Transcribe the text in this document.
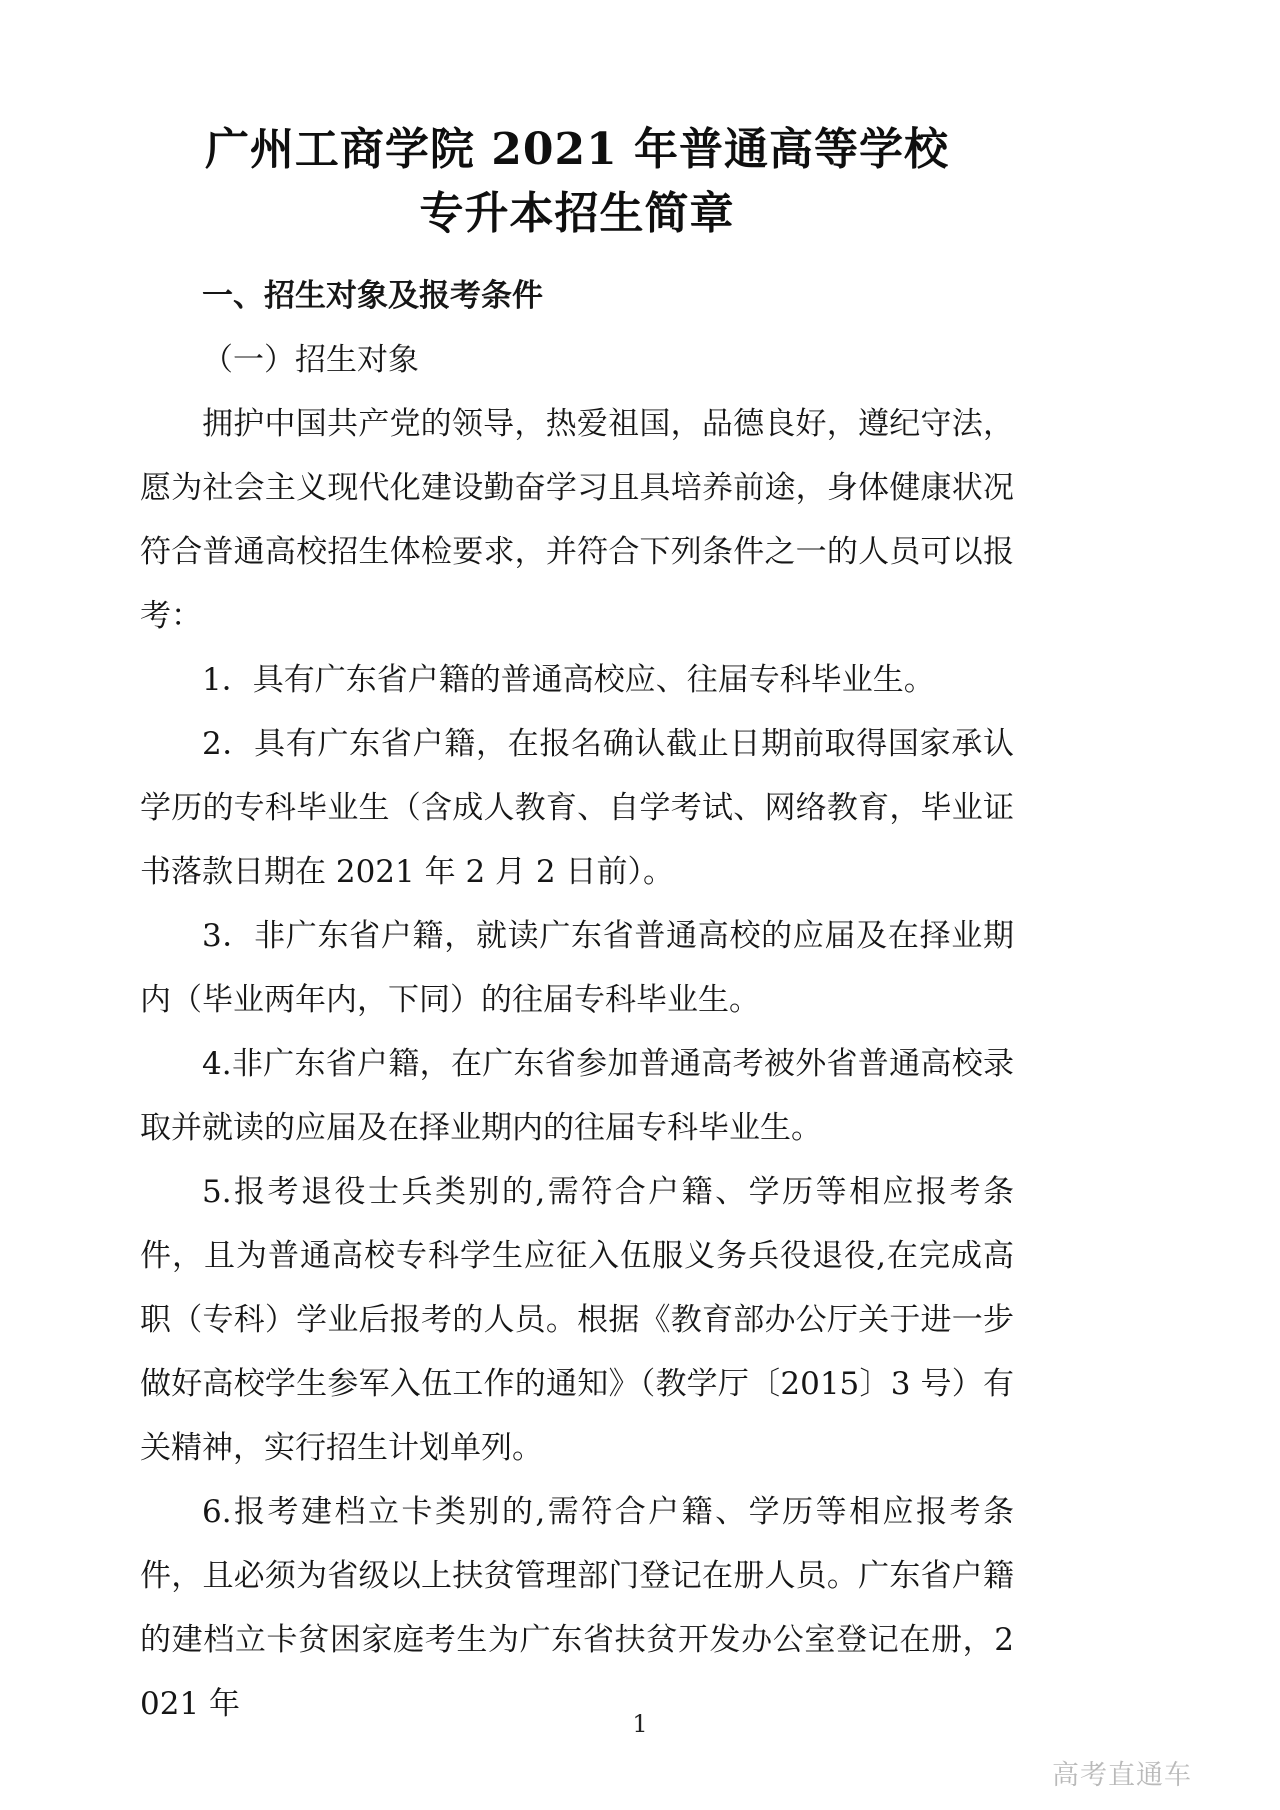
广州工商学院 2021 年普通高等学校
专升本招生简章

一、招生对象及报考条件

（一）招生对象

拥护中国共产党的领导，热爱祖国，品德良好，遵纪守法，愿为社会主义现代化建设勤奋学习且具培养前途，身体健康状况符合普通高校招生体检要求，并符合下列条件之一的人员可以报考：

1．具有广东省户籍的普通高校应、往届专科毕业生。

2．具有广东省户籍，在报名确认截止日期前取得国家承认学历的专科毕业生（含成人教育、自学考试、网络教育，毕业证书落款日期在 2021 年 2 月 2 日前）。

3．非广东省户籍，就读广东省普通高校的应届及在择业期内（毕业两年内，下同）的往届专科毕业生。

4.非广东省户籍，在广东省参加普通高考被外省普通高校录取并就读的应届及在择业期内的往届专科毕业生。

5.报考退役士兵类别的,需符合户籍、学历等相应报考条件，且为普通高校专科学生应征入伍服义务兵役退役,在完成高职（专科）学业后报考的人员。根据《教育部办公厅关于进一步做好高校学生参军入伍工作的通知》（教学厅〔2015〕3 号）有关精神，实行招生计划单列。

6.报考建档立卡类别的,需符合户籍、学历等相应报考条件，且必须为省级以上扶贫管理部门登记在册人员。广东省户籍的建档立卡贫困家庭考生为广东省扶贫开发办公室登记在册，2021 年

1
高考直通车
